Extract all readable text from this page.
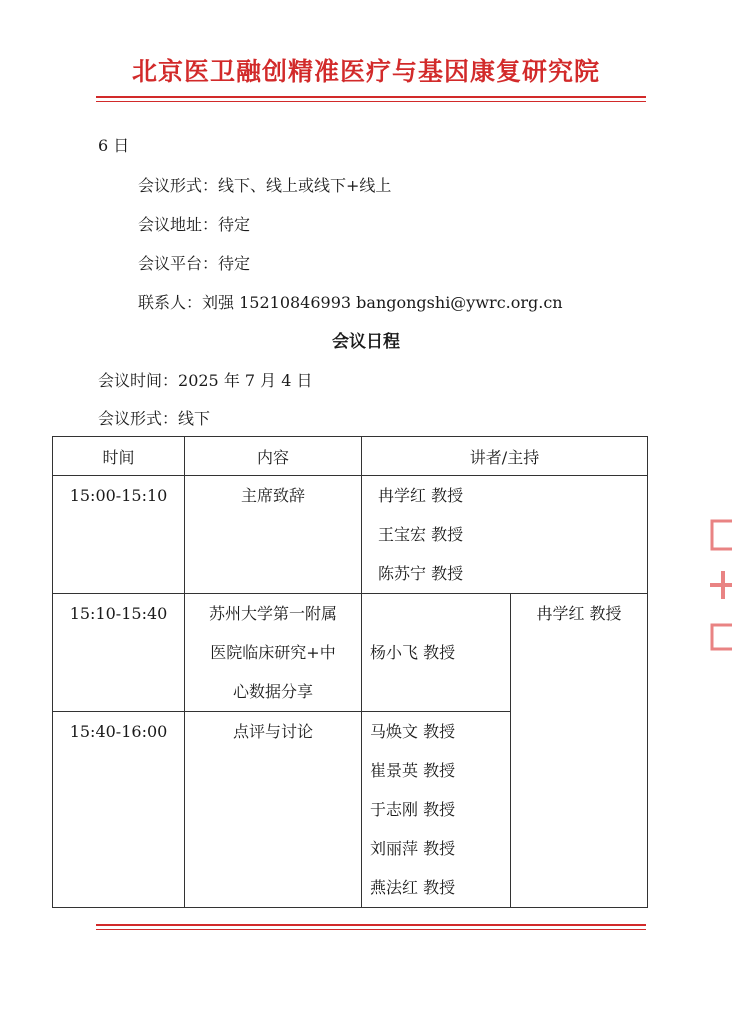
北京医卫融创精准医疗与基因康复研究院
6 日
会议形式：线下、线上或线下+线上
会议地址：待定
会议平台：待定
联系人：刘强 15210846993 bangongshi@ywrc.org.cn
会议日程
会议时间：2025 年 7 月 4 日
会议形式：线下
时间	内容	讲者/主持	

15:00-15:10	主席致辞	冉学红 教授
王宝宏 教授
陈苏宁 教授	

15:10-15:40	苏州大学第一附属
医院临床研究+中
心数据分享	杨小飞 教授	冉学红 教授

15:40-16:00	点评与讨论	马焕文 教授
崔景英 教授
于志刚 教授
刘丽萍 教授
燕法红 教授	
